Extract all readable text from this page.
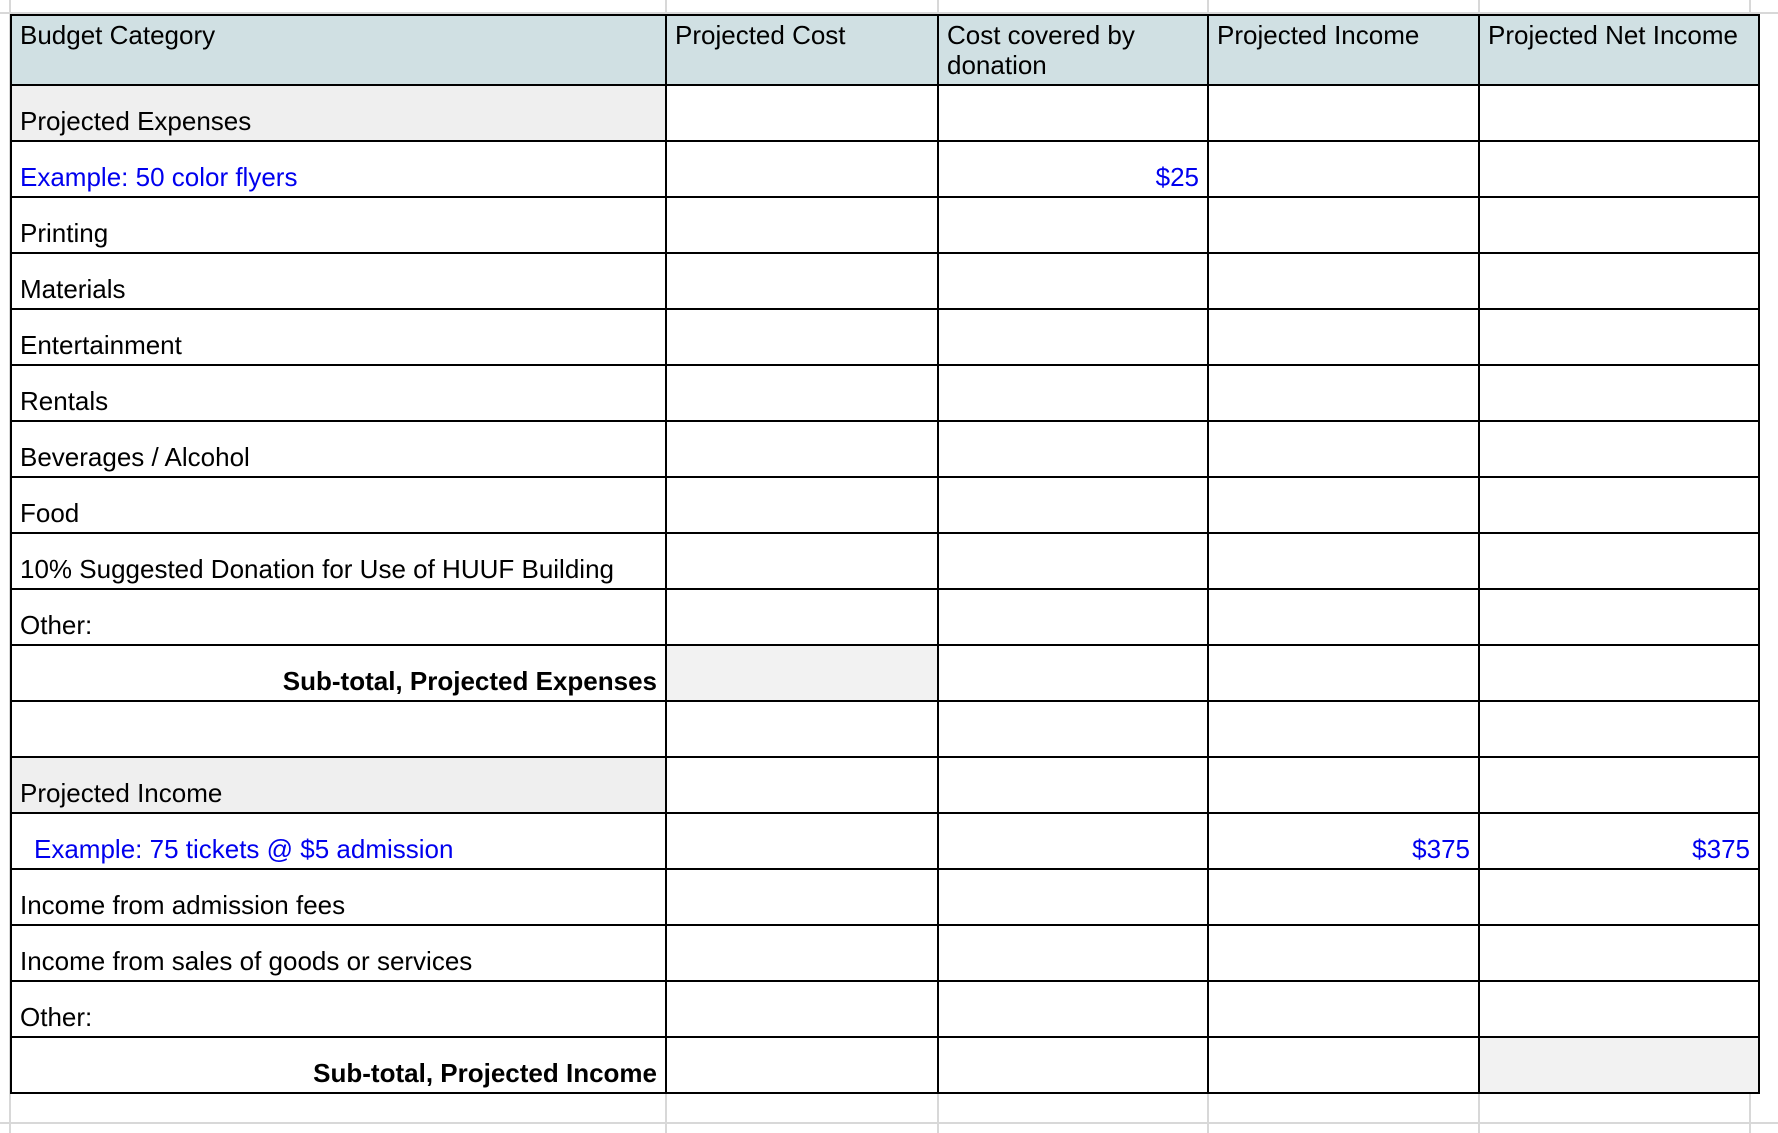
Budget Category	Projected Cost	Cost covered by donation	Projected Income	Projected Net Income
Projected Expenses				
Example: 50 color flyers		$25		
Printing				
Materials				
Entertainment				
Rentals				
Beverages / Alcohol				
Food				
10% Suggested Donation for Use of HUUF Building				
Other:				
Sub-total, Projected Expenses				

Projected Income				
Example: 75 tickets @ $5 admission			$375	$375
Income from admission fees				
Income from sales of goods or services				
Other:				
Sub-total, Projected Income				
